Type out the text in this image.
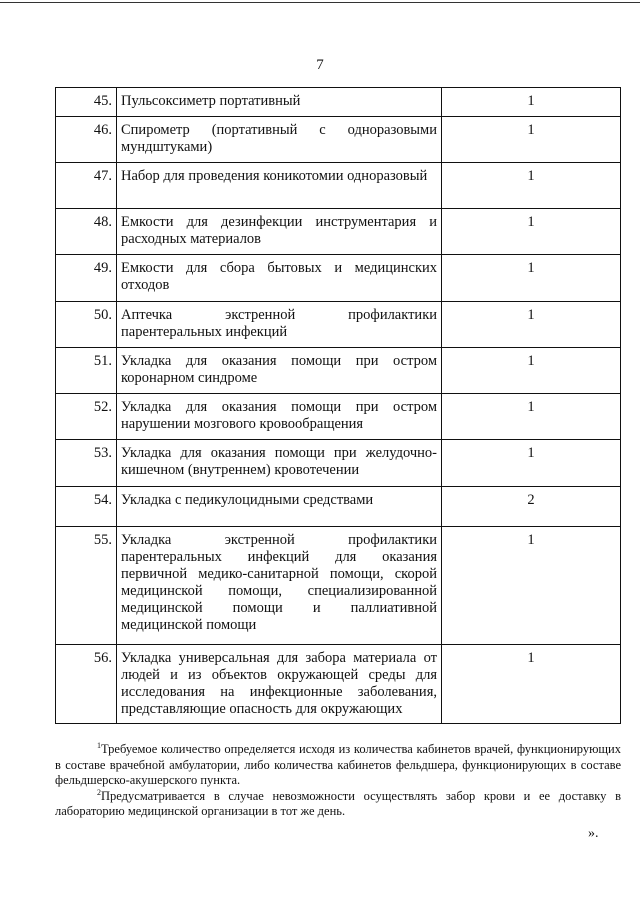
7
45.	Пульсоксиметр портативный	1
46.	Спирометр (портативный с одноразовыми мундштуками)	1
47.	Набор для проведения коникотомии одноразовый	1
48.	Емкости для дезинфекции инструментария и расходных материалов	1
49.	Емкости для сбора бытовых и медицинских отходов	1
50.	Аптечка экстренной профилактики парентеральных инфекций	1
51.	Укладка для оказания помощи при остром коронарном синдроме	1
52.	Укладка для оказания помощи при остром нарушении мозгового кровообращения	1
53.	Укладка для оказания помощи при желудочно-кишечном (внутреннем) кровотечении	1
54.	Укладка с педикулоцидными средствами	2
55.	Укладка экстренной профилактики парентеральных инфекций для оказания первичной медико-санитарной помощи, скорой медицинской помощи, специализированной медицинской помощи и паллиативной медицинской помощи	1
56.	Укладка универсальная для забора материала от людей и из объектов окружающей среды для исследования на инфекционные заболевания, представляющие опасность для окружающих	1

$^1$Требуемое количество определяется исходя из количества кабинетов врачей, функционирующих в составе врачебной амбулатории, либо количества кабинетов фельдшера, функционирующих в составе фельдшерско-акушерского пункта.

$^2$Предусматривается в случае невозможности осуществлять забор крови и ее доставку в лабораторию медицинской организации в тот же день.

».
